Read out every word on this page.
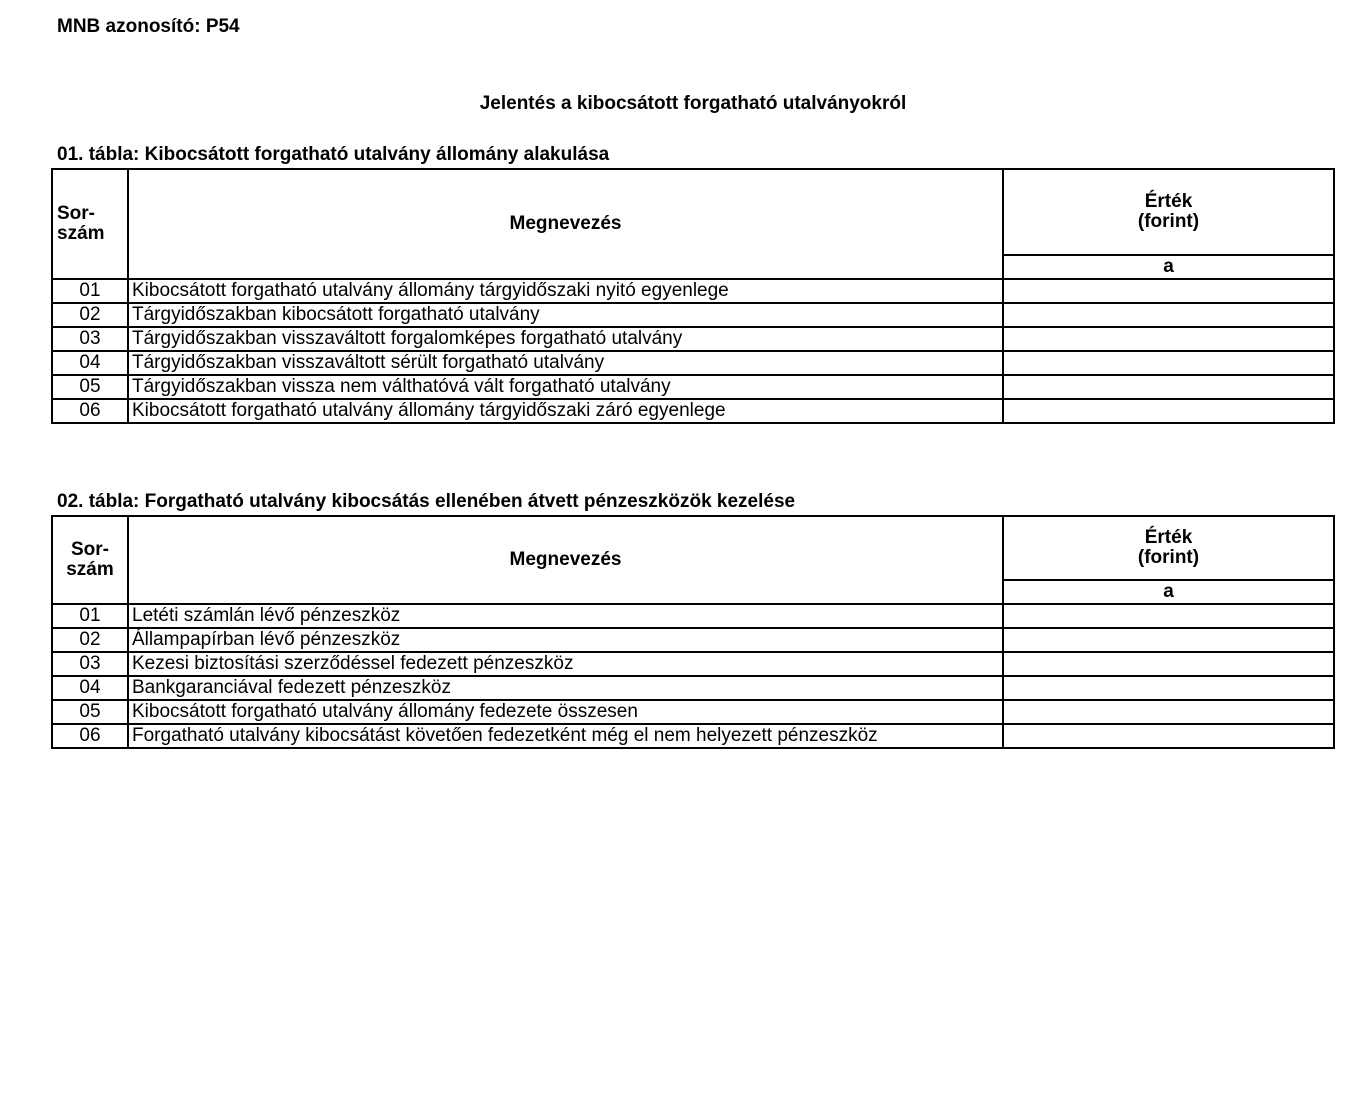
MNB azonosító: P54
Jelentés a kibocsátott forgatható utalványokról
01. tábla: Kibocsátott forgatható utalvány állomány alakulása
Sor-
szám	Megnevezés	Érték
(forint)

		a
01	Kibocsátott forgatható utalvány állomány tárgyidőszaki nyitó egyenlege	
02	Tárgyidőszakban kibocsátott forgatható utalvány	
03	Tárgyidőszakban visszaváltott forgalomképes forgatható utalvány	
04	Tárgyidőszakban visszaváltott sérült forgatható utalvány	
05	Tárgyidőszakban vissza nem válthatóvá vált forgatható utalvány	
06	Kibocsátott forgatható utalvány állomány tárgyidőszaki záró egyenlege	
02. tábla: Forgatható utalvány kibocsátás ellenében átvett pénzeszközök kezelése
Sor-
szám	Megnevezés	Érték
(forint)

		a
01	Letéti számlán lévő pénzeszköz	
02	Állampapírban lévő pénzeszköz	
03	Kezesi biztosítási szerződéssel fedezett pénzeszköz	
04	Bankgaranciával fedezett pénzeszköz	
05	Kibocsátott forgatható utalvány állomány fedezete összesen	
06	Forgatható utalvány kibocsátást követően fedezetként még el nem helyezett pénzeszköz	
